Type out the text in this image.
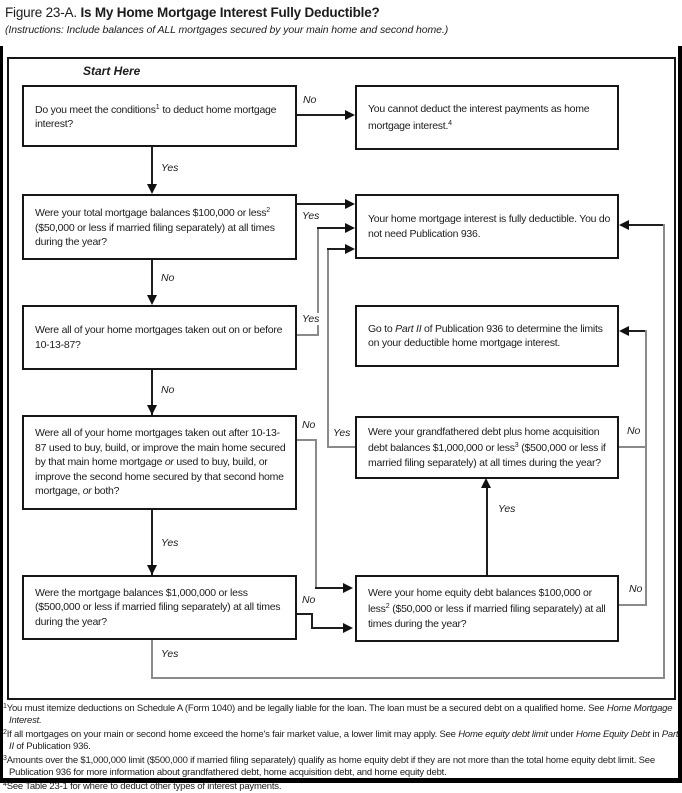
Figure 23-A. Is My Home Mortgage Interest Fully Deductible?
(Instructions: Include balances of ALL mortgages secured by your main home and second home.)
Start Here
Do you meet the conditions$^1$ to deduct home mortgage interest?
You cannot deduct the interest payments as home mortgage interest.$^4$
Were your total mortgage balances $100,000 or less$^2$ ($50,000 or less if married filing separately) at all times during the year?
Your home mortgage interest is fully deductible. You do not need Publication 936.
Were all of your home mortgages taken out on or before 10-13-87?
Go to Part II of Publication 936 to determine the limits on your deductible home mortgage interest.
Were all of your home mortgages taken out after 10-13-87 used to buy, build, or improve the main home secured by that main home mortgage or used to buy, build, or improve the second home secured by that second home mortgage, or both?
Were your grandfathered debt plus home acquisition debt balances $1,000,000 or less$^3$ ($500,000 or less if married filing separately) at all times during the year?
Were the mortgage balances $1,000,000 or less ($500,000 or less if married filing separately) at all times during the year?
Were your home equity debt balances $100,000 or less$^2$ ($50,000 or less if married filing separately) at all times during the year?
No
Yes
Yes
No
Yes
No
No
Yes
Yes
No
Yes
Yes
No
No
$^1$You must itemize deductions on Schedule A (Form 1040) and be legally liable for the loan. The loan must be a secured debt on a qualified home. See Home Mortgage Interest.
$^2$If all mortgages on your main or second home exceed the home's fair market value, a lower limit may apply. See Home equity debt limit under Home Equity Debt in Part II of Publication 936.
$^3$Amounts over the $1,000,000 limit ($500,000 if married filing separately) qualify as home equity debt if they are not more than the total home equity debt limit. See Publication 936 for more information about grandfathered debt, home acquisition debt, and home equity debt.
$^4$See Table 23-1 for where to deduct other types of interest payments.
